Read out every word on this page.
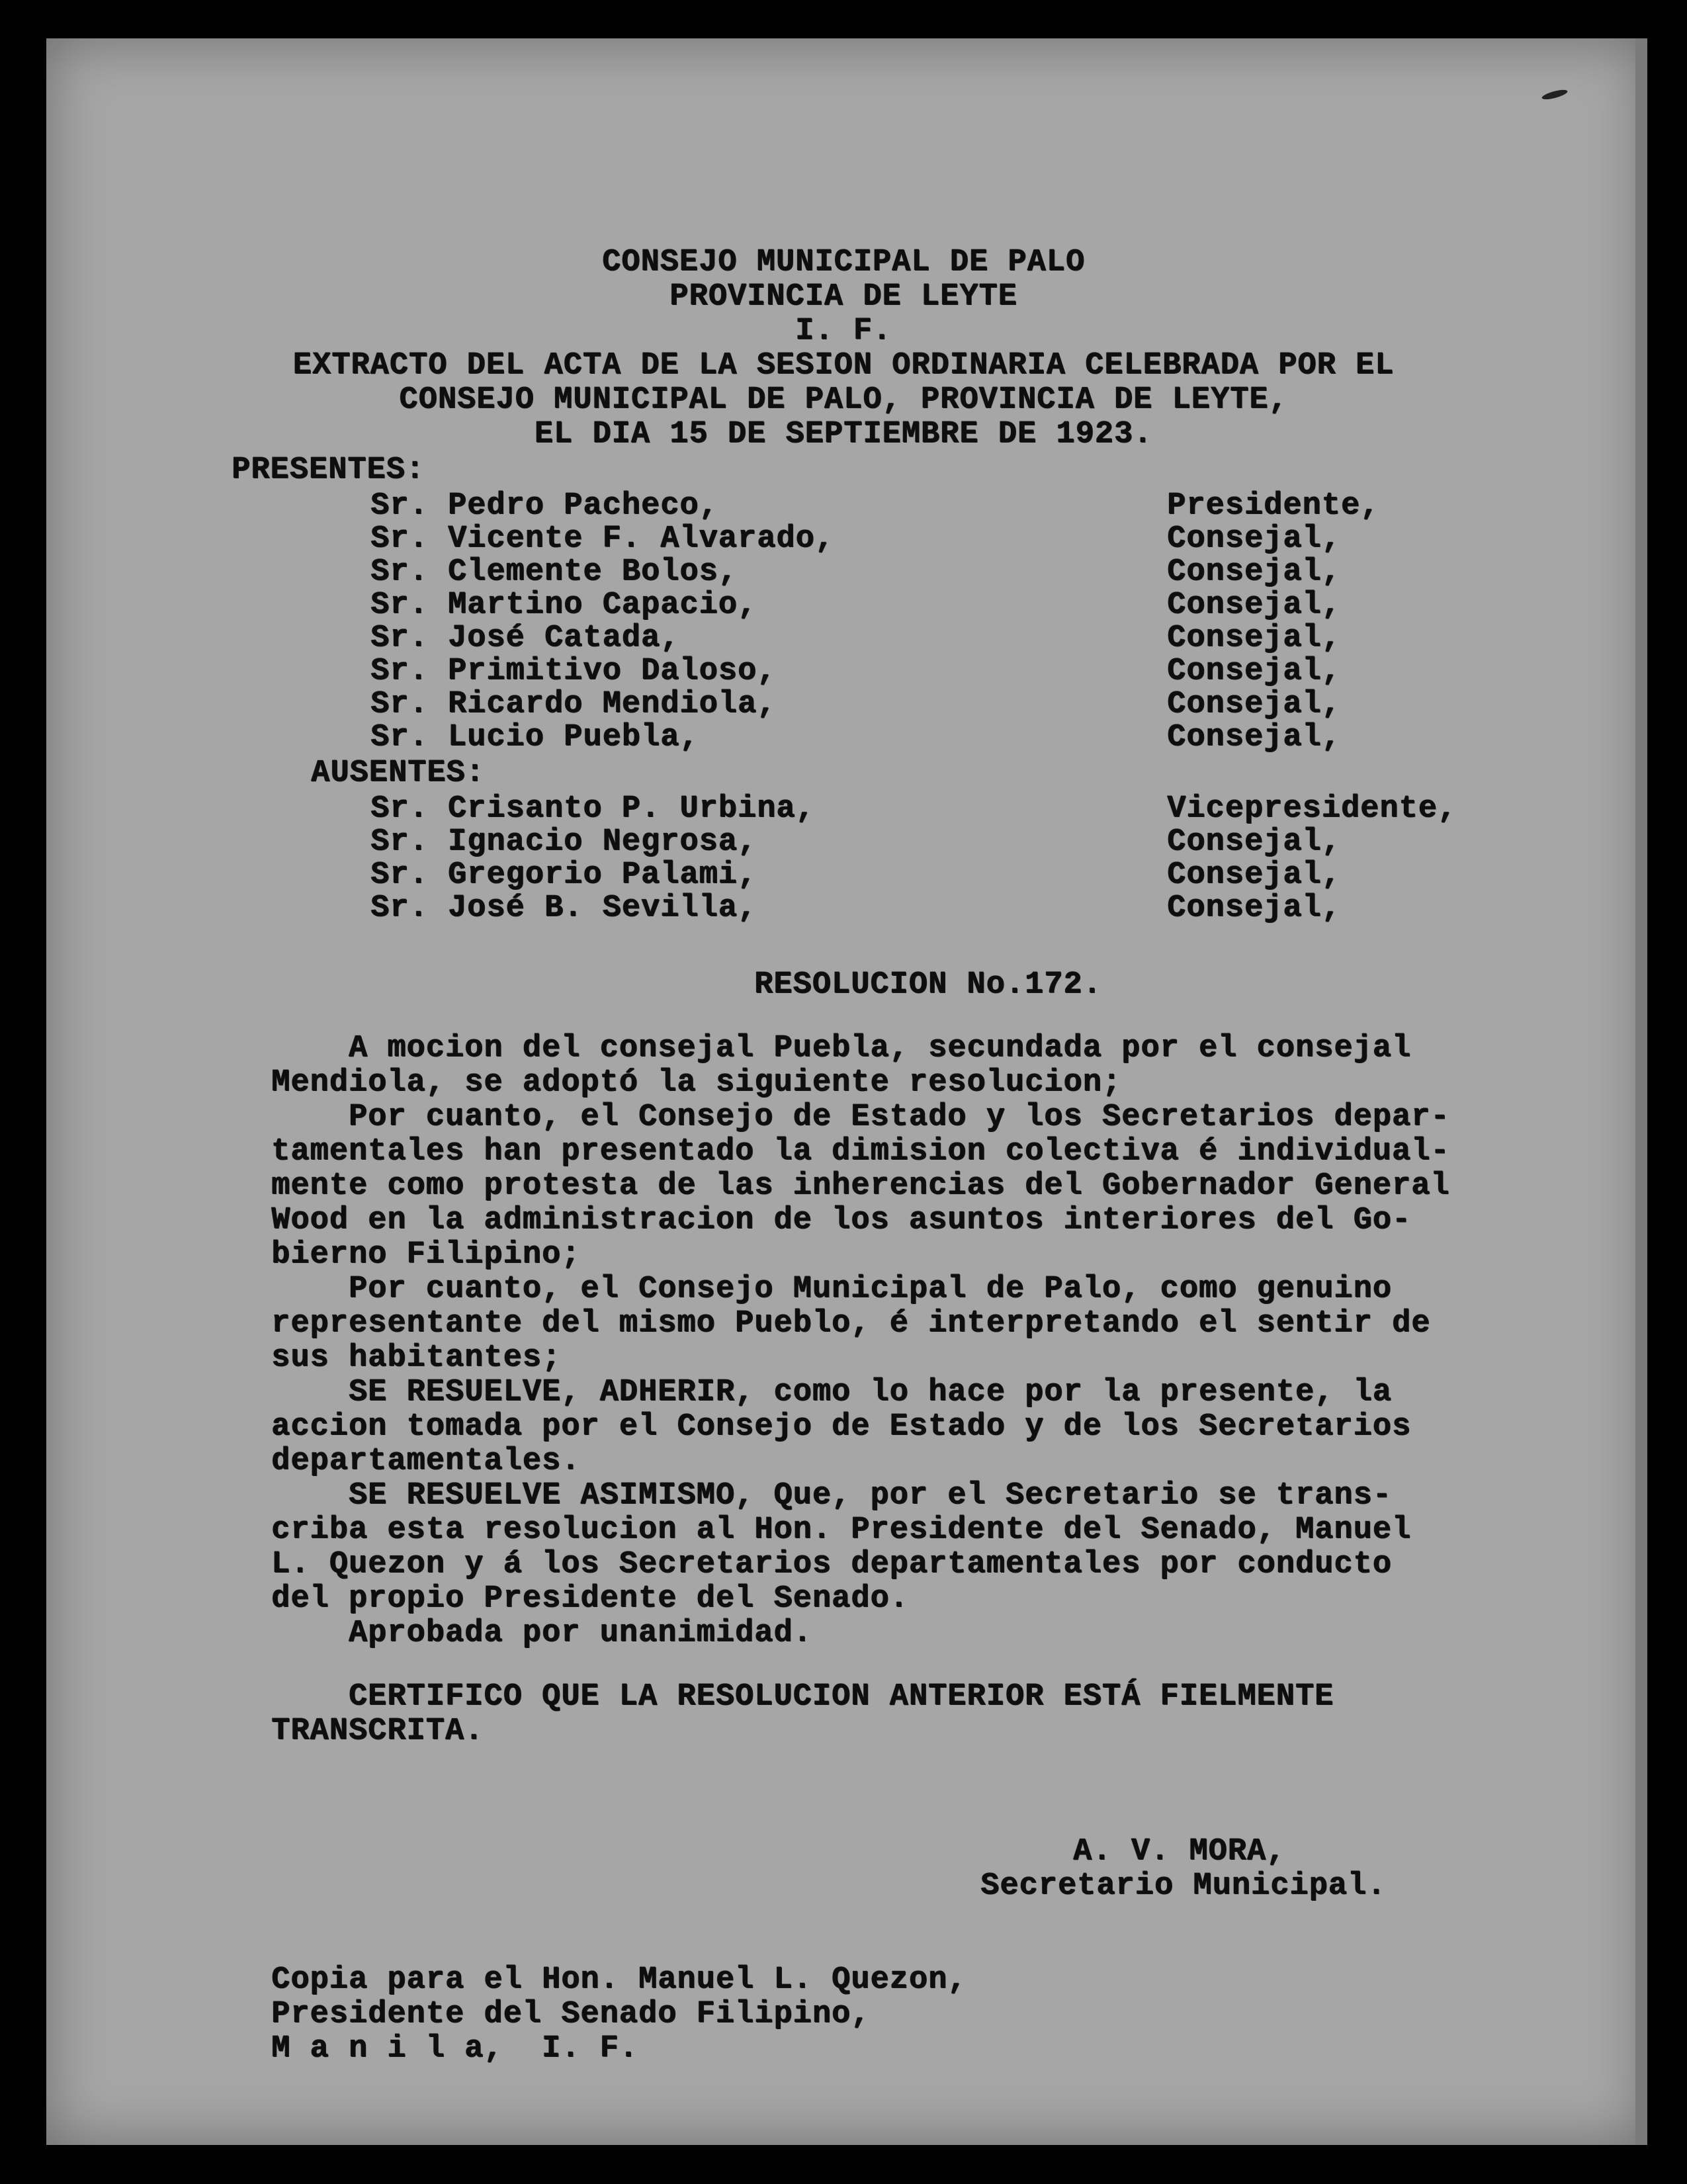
CONSEJO MUNICIPAL DE PALO
PROVINCIA DE LEYTE
I. F.
EXTRACTO DEL ACTA DE LA SESION ORDINARIA CELEBRADA POR EL
CONSEJO MUNICIPAL DE PALO, PROVINCIA DE LEYTE,
EL DIA 15 DE SEPTIEMBRE DE 1923.
PRESENTES:
Sr. Pedro Pacheco,	Presidente,
Sr. Vicente F. Alvarado,	Consejal,
Sr. Clemente Bolos,	Consejal,
Sr. Martino Capacio,	Consejal,
Sr. José Catada,	Consejal,
Sr. Primitivo Daloso,	Consejal,
Sr. Ricardo Mendiola,	Consejal,
Sr. Lucio Puebla,	Consejal,
AUSENTES:
Sr. Crisanto P. Urbina,	Vicepresidente,
Sr. Ignacio Negrosa,	Consejal,
Sr. Gregorio Palami,	Consejal,
Sr. José B. Sevilla,	Consejal,
RESOLUCION No.172.
A mocion del consejal Puebla, secundada por el consejal
Mendiola, se adoptó la siguiente resolucion;
Por cuanto, el Consejo de Estado y los Secretarios depar-
tamentales han presentado la dimision colectiva é individual-
mente como protesta de las inherencias del Gobernador General
Wood en la administracion de los asuntos interiores del Go-
bierno Filipino;
Por cuanto, el Consejo Municipal de Palo, como genuino
representante del mismo Pueblo, é interpretando el sentir de
sus habitantes;
SE RESUELVE, ADHERIR, como lo hace por la presente, la
accion tomada por el Consejo de Estado y de los Secretarios
departamentales.
SE RESUELVE ASIMISMO, Que, por el Secretario se trans-
criba esta resolucion al Hon. Presidente del Senado, Manuel
L. Quezon y á los Secretarios departamentales por conducto
del propio Presidente del Senado.
Aprobada por unanimidad.
CERTIFICO QUE LA RESOLUCION ANTERIOR ESTÁ FIELMENTE
TRANSCRITA.
A. V. MORA,
Secretario Municipal.
Copia para el Hon. Manuel L. Quezon,
Presidente del Senado Filipino,
M a n i l a,  I. F.
